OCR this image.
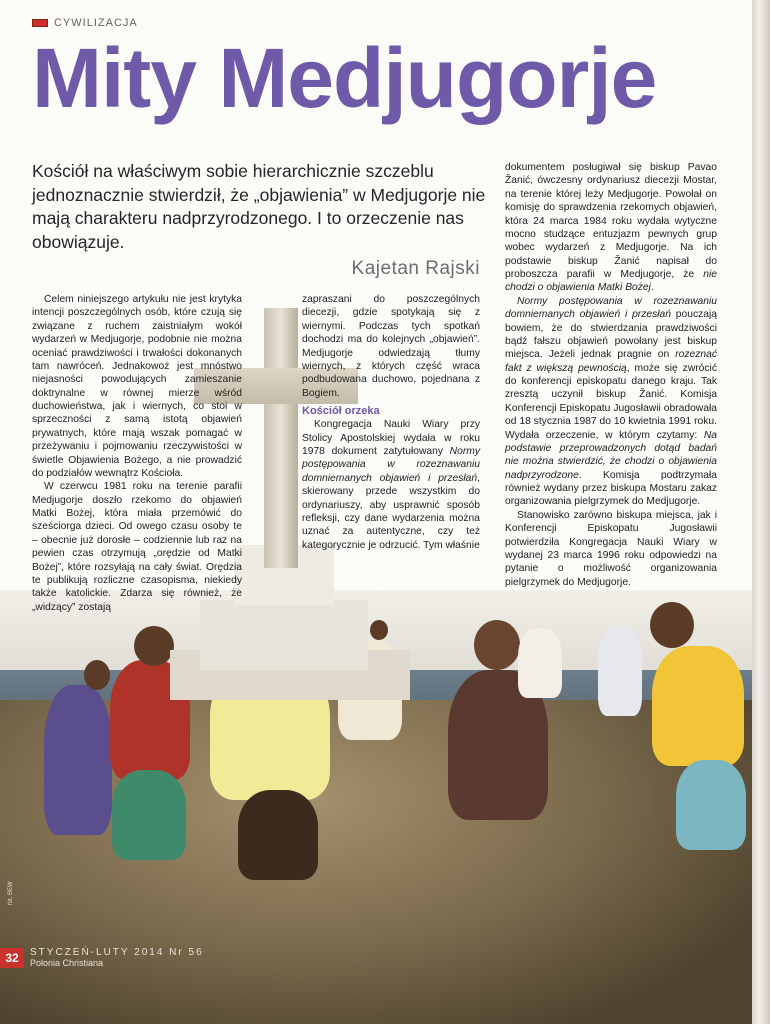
CYWILIZACJA
Mity Medjugorje

Kościół na właściwym sobie hierarchicznie szczeblu jednoznacznie stwierdził, że „objawienia” w Medjugorje nie mają charakteru nadprzyrodzonego. I to orzeczenie nas obowiązuje.

Kajetan Rajski

Celem niniejszego artykułu nie jest krytyka intencji poszczególnych osób, które czują się związane z ruchem zaistniałym wokół wydarzeń w Medjugorje, podobnie nie można oceniać prawdziwości i trwałości dokonanych tam nawróceń. Jednakowoż jest mnóstwo niejasności powodujących zamieszanie doktrynalne w równej mierze wśród duchowieństwa, jak i wiernych, co stoi w sprzeczności z samą istotą objawień prywatnych, które mają wszak pomagać w przeżywaniu i pojmowaniu rzeczywistości w świetle Objawienia Bożego, a nie prowadzić do podziałów wewnątrz Kościoła.

W czerwcu 1981 roku na terenie parafii Medjugorje doszło rzekomo do objawień Matki Bożej, która miała przemówić do sześciorga dzieci. Od owego czasu osoby te – obecnie już dorosłe – codziennie lub raz na pewien czas otrzymują „orędzie od Matki Bożej”, które rozsyłają na cały świat. Orędzia te publikują rozliczne czasopisma, niekiedy także katolickie. Zdarza się również, że „widzący” zostają

zapraszani do poszczególnych diecezji, gdzie spotykają się z wiernymi. Podczas tych spotkań dochodzi ma do kolejnych „objawień”. Medjugorje odwiedzają tłumy wiernych, z których część wraca podbudowana duchowo, pojednana z Bogiem.

Kościół orzeka

Kongregacja Nauki Wiary przy Stolicy Apostolskiej wydała w roku 1978 dokument zatytułowany Normy postępowania w rozeznawaniu domniemanych objawień i przesłań, skierowany przede wszystkim do ordynariuszy, aby usprawnić sposób refleksji, czy dane wydarzenia można uznać za autentyczne, czy też kategorycznie je odrzucić. Tym właśnie

dokumentem posługiwał się biskup Pavao Žanić, ówczesny ordynariusz diecezji Mostar, na terenie której leży Medjugorje. Powołał on komisję do sprawdzenia rzekomych objawień, która 24 marca 1984 roku wydała wytyczne mocno studzące entuzjazm pewnych grup wobec wydarzeń z Medjugorje. Na ich podstawie biskup Žanić napisał do proboszcza parafii w Medjugorje, że nie chodzi o objawienia Matki Bożej.

Normy postępowania w rozeznawaniu domniemanych objawień i przesłań pouczają bowiem, że do stwierdzania prawdziwości bądź fałszu objawień powołany jest biskup miejsca. Jeżeli jednak pragnie on rozeznać fakt z większą pewnością, może się zwrócić do konferencji episkopatu danego kraju. Tak zresztą uczynił biskup Žanić. Komisja Konferencji Episkopatu Jugosławii obradowała od 18 stycznia 1987 do 10 kwietnia 1991 roku. Wydała orzeczenie, w którym czytamy: Na podstawie przeprowadzonych dotąd badań nie można stwierdzić, że chodzi o objawienia nadprzyrodzone. Komisja podtrzymała również wydany przez biskupa Mostaru zakaz organizowania pielgrzymek do Medjugorje.

Stanowisko zarówno biskupa miejsca, jak i Konferencji Episkopatu Jugosławii potwierdziła Kongregacja Nauki Wiary w wydanej 23 marca 1996 roku odpowiedzi na pytanie o możliwość organizowania pielgrzymek do Medjugorje.

fot. BEW
32	STYCZEŃ-LUTY 2014 Nr 56
Polonia Christiana
